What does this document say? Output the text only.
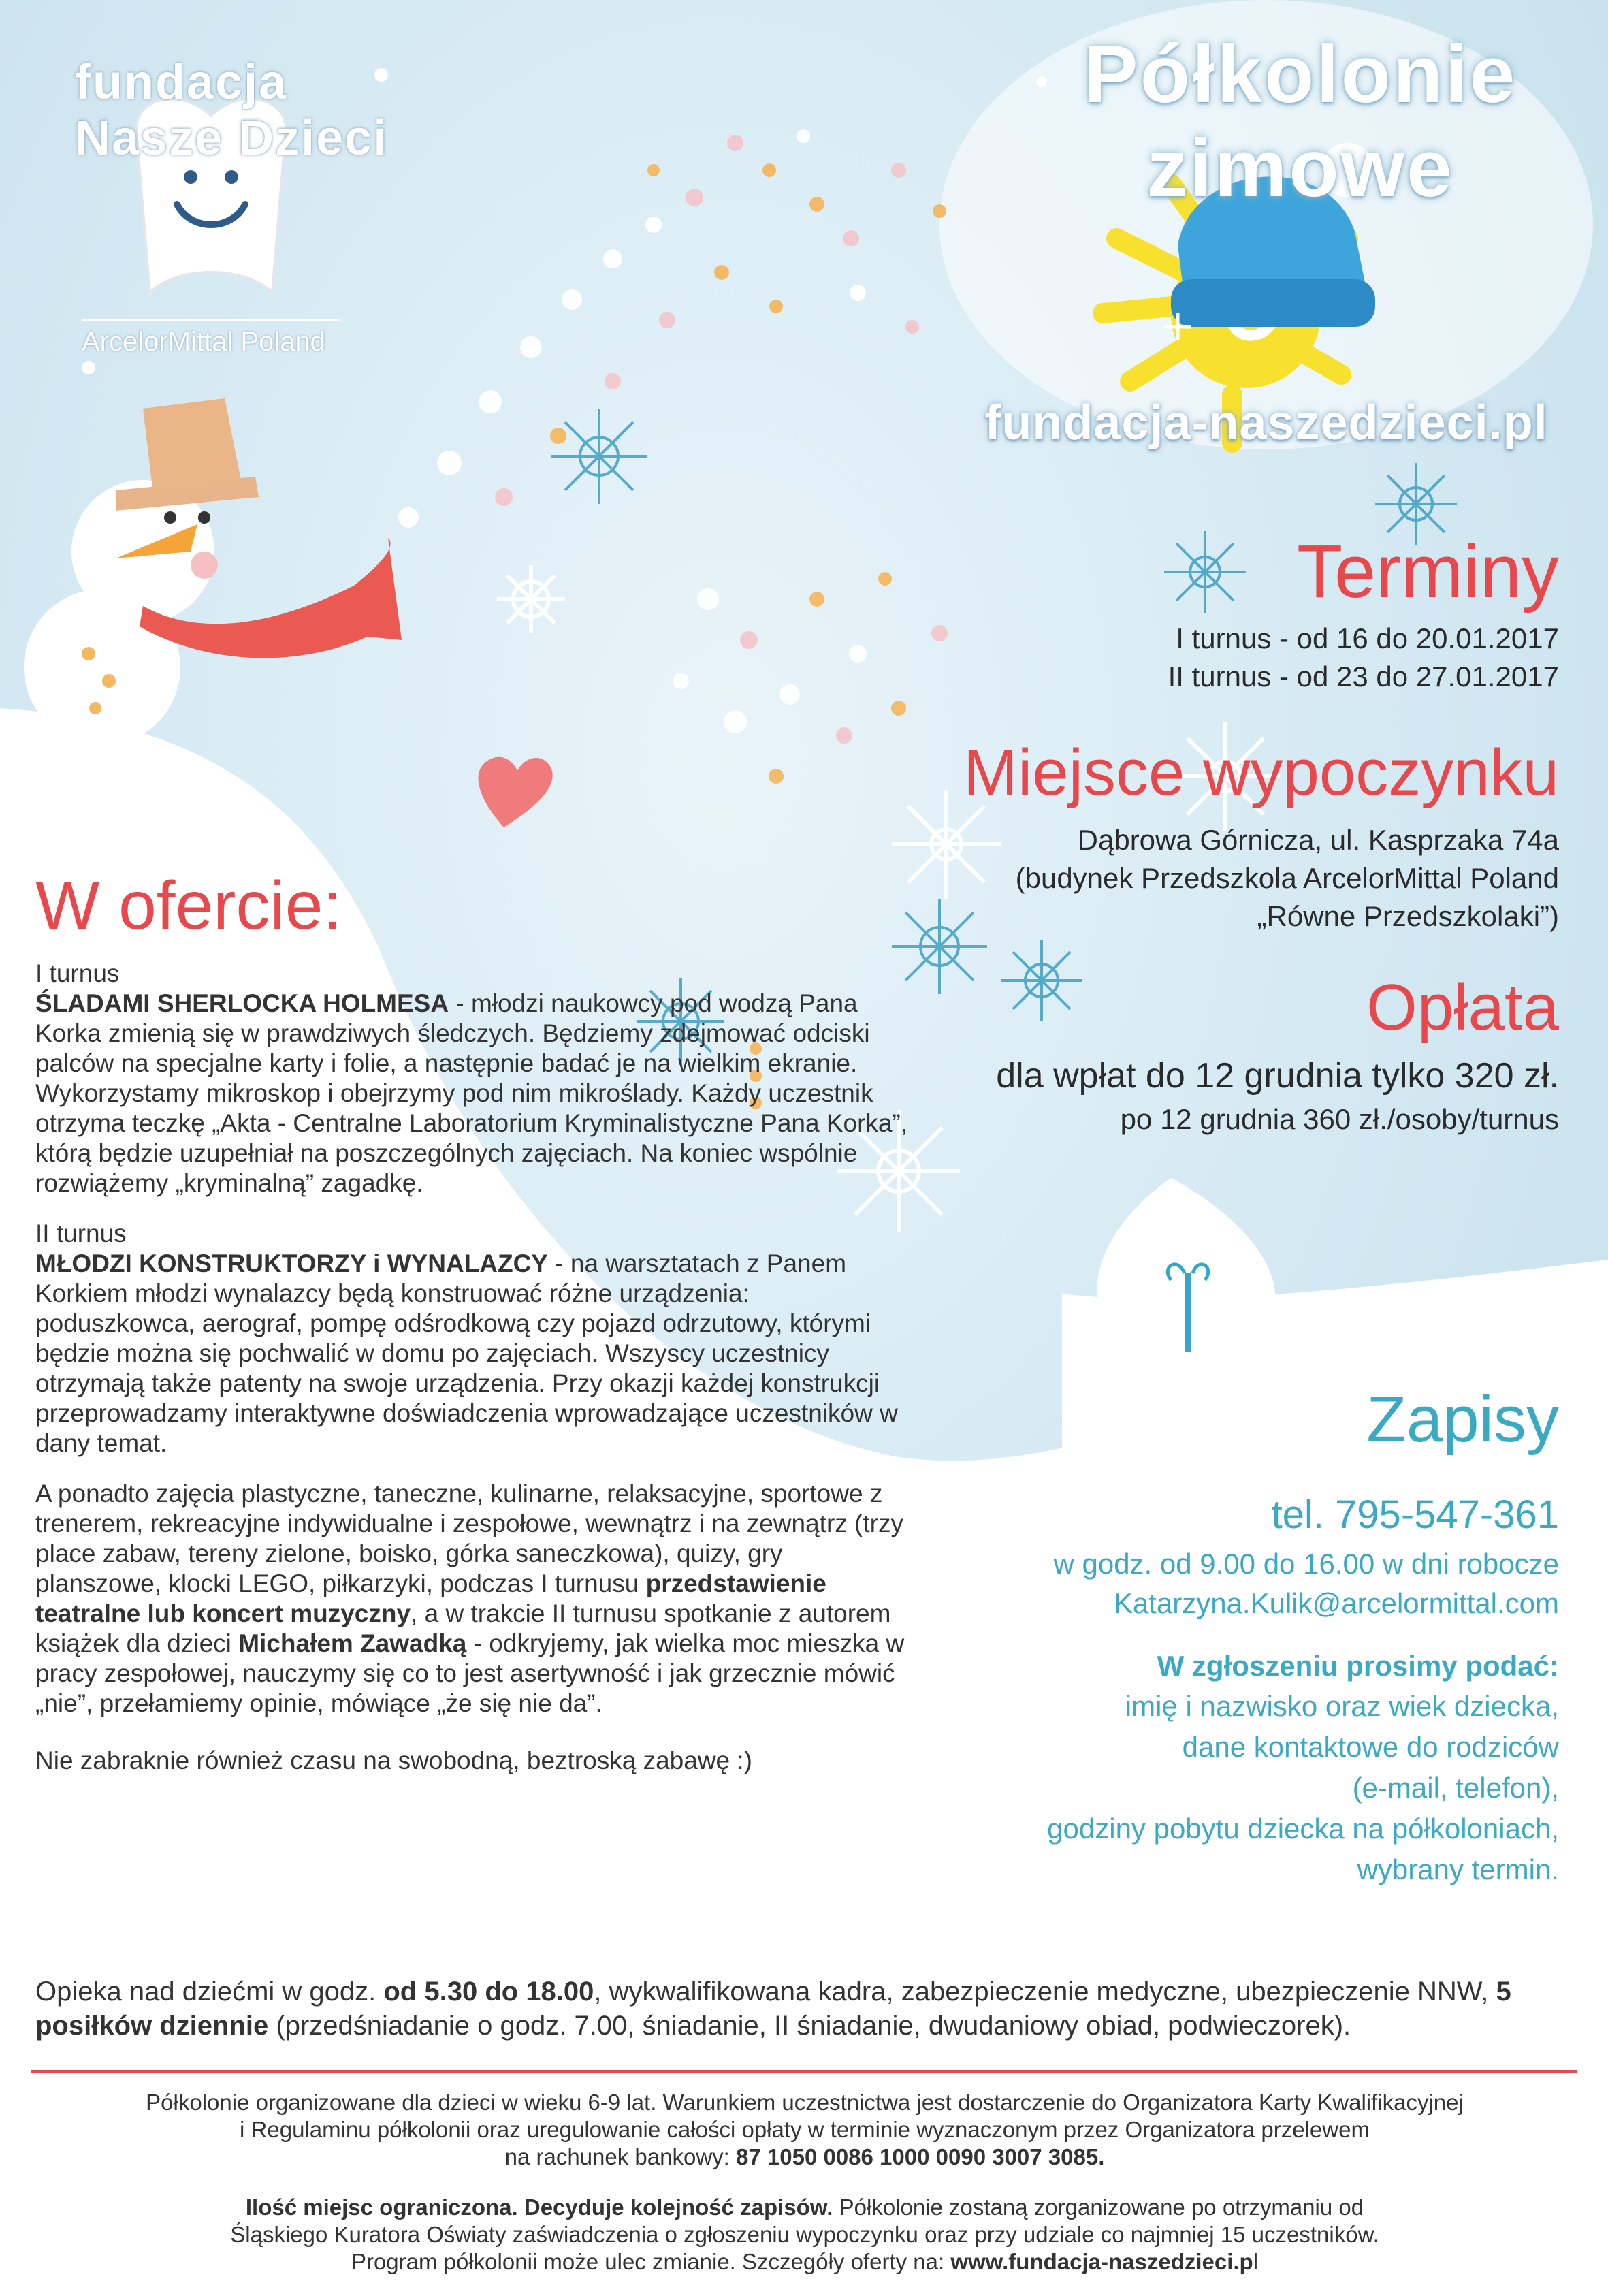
fundacja Nasze Dzieci
ArcelorMittal Poland
Półkolonie zimowe
fundacja-naszedzieci.pl
Terminy
I turnus - od 16 do 20.01.2017
II turnus - od 23 do 27.01.2017
Miejsce wypoczynku
Dąbrowa Górnicza, ul. Kasprzaka 74a
(budynek Przedszkola ArcelorMittal Poland
„Równe Przedszkolaki”)
Opłata
dla wpłat do 12 grudnia tylko 320 zł.
po 12 grudnia 360 zł./osoby/turnus
W ofercie:

I turnus
ŚLADAMI SHERLOCKA HOLMESA - młodzi naukowcy pod wodzą Pana Korka zmienią się w prawdziwych śledczych. Będziemy zdejmować odciski palców na specjalne karty i folie, a następnie badać je na wielkim ekranie. Wykorzystamy mikroskop i obejrzymy pod nim mikroślady. Każdy uczestnik otrzyma teczkę „Akta - Centralne Laboratorium Kryminalistyczne Pana Korka”, którą będzie uzupełniał na poszczególnych zajęciach. Na koniec wspólnie rozwiążemy „kryminalną” zagadkę.

II turnus
MŁODZI KONSTRUKTORZY i WYNALAZCY - na warsztatach z Panem Korkiem młodzi wynalazcy będą konstruować różne urządzenia: poduszkowca, aerograf, pompę odśrodkową czy pojazd odrzutowy, którymi będzie można się pochwalić w domu po zajęciach. Wszyscy uczestnicy otrzymają także patenty na swoje urządzenia. Przy okazji każdej konstrukcji przeprowadzamy interaktywne doświadczenia wprowadzające uczestników w dany temat.

A ponadto zajęcia plastyczne, taneczne, kulinarne, relaksacyjne, sportowe z trenerem, rekreacyjne indywidualne i zespołowe, wewnątrz i na zewnątrz (trzy place zabaw, tereny zielone, boisko, górka saneczkowa), quizy, gry planszowe, klocki LEGO, piłkarzyki, podczas I turnusu przedstawienie teatralne lub koncert muzyczny, a w trakcie II turnusu spotkanie z autorem książek dla dzieci Michałem Zawadką - odkryjemy, jak wielka moc mieszka w pracy zespołowej, nauczymy się co to jest asertywność i jak grzecznie mówić „nie”, przełamiemy opinie, mówiące „że się nie da”.

Nie zabraknie również czasu na swobodną, beztroską zabawę :)

Opieka nad dziećmi w godz. od 5.30 do 18.00, wykwalifikowana kadra, zabezpieczenie medyczne, ubezpieczenie NNW, 5 posiłków dziennie (przedśniadanie o godz. 7.00, śniadanie, II śniadanie, dwudaniowy obiad, podwieczorek).
Zapisy
tel. 795-547-361
w godz. od 9.00 do 16.00 w dni robocze
Katarzyna.Kulik@arcelormittal.com
W zgłoszeniu prosimy podać:
imię i nazwisko oraz wiek dziecka,
dane kontaktowe do rodziców
(e-mail, telefon),
godziny pobytu dziecka na półkoloniach,
wybrany termin.
Półkolonie organizowane dla dzieci w wieku 6-9 lat. Warunkiem uczestnictwa jest dostarczenie do Organizatora Karty Kwalifikacyjnej
i Regulaminu półkolonii oraz uregulowanie całości opłaty w terminie wyznaczonym przez Organizatora przelewem
na rachunek bankowy: 87 1050 0086 1000 0090 3007 3085.
Ilość miejsc ograniczona. Decyduje kolejność zapisów. Półkolonie zostaną zorganizowane po otrzymaniu od
Śląskiego Kuratora Oświaty zaświadczenia o zgłoszeniu wypoczynku oraz przy udziale co najmniej 15 uczestników.
Program półkolonii może ulec zmianie. Szczegóły oferty na: www.fundacja-naszedzieci.pl
